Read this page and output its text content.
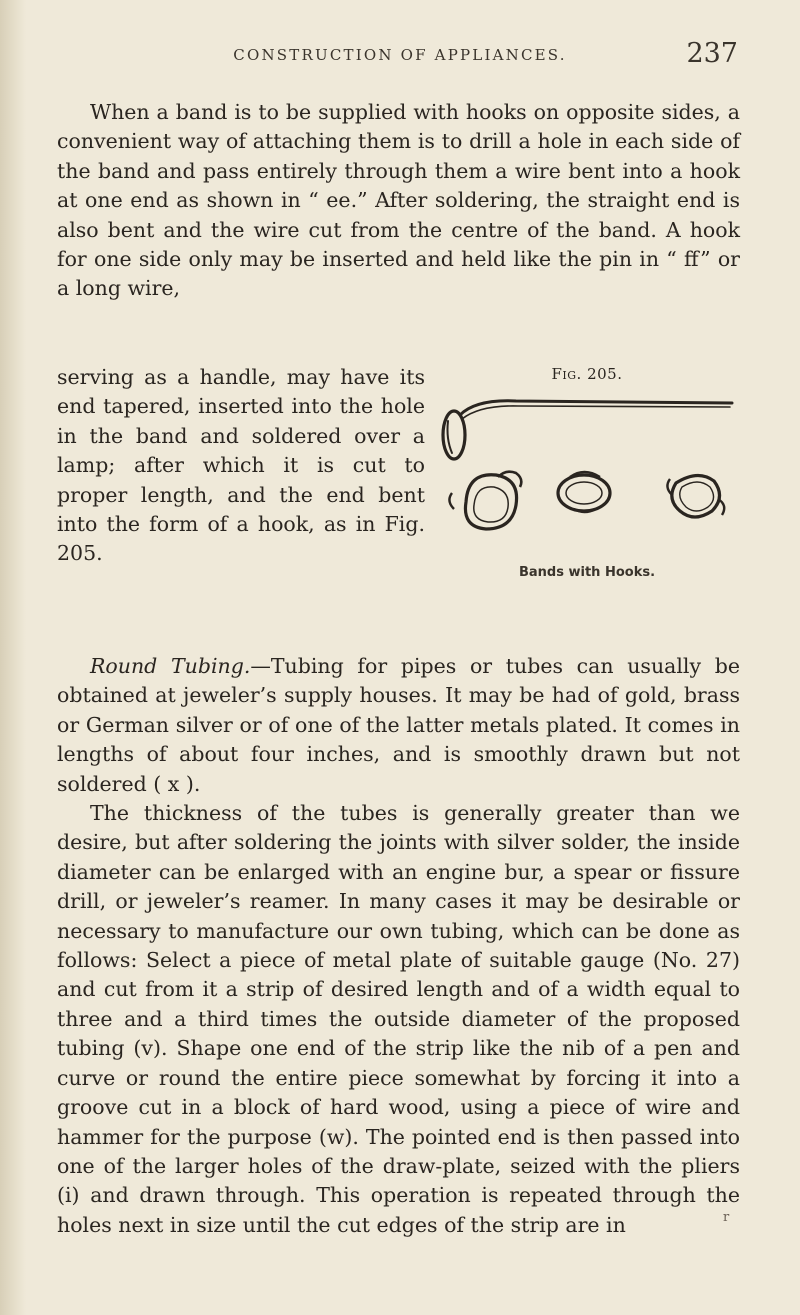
CONSTRUCTION OF APPLIANCES.	237

When a band is to be supplied with hooks on opposite sides, a convenient way of attaching them is to drill a hole in each side of the band and pass entirely through them a wire bent into a hook at one end as shown in “ ee.” After soldering, the straight end is also bent and the wire cut from the centre of the band. A hook for one side only may be inserted and held like the pin in “ ff” or a long wire,

serving as a handle, may have its end tapered, inserted into the hole in the band and soldered over a lamp; after which it is cut to proper length, and the end bent into the form of a hook, as in Fig. 205.

Fig. 205.
Bands with Hooks.

Round Tubing.—Tubing for pipes or tubes can usually be obtained at jeweler’s supply houses. It may be had of gold, brass or German silver or of one of the latter metals plated. It comes in lengths of about four inches, and is smoothly drawn but not soldered ( x ).

The thickness of the tubes is generally greater than we desire, but after soldering the joints with silver solder, the inside diameter can be enlarged with an engine bur, a spear or fissure drill, or jeweler’s reamer. In many cases it may be desirable or necessary to manufacture our own tubing, which can be done as follows: Select a piece of metal plate of suitable gauge (No. 27) and cut from it a strip of desired length and of a width equal to three and a third times the outside diameter of the proposed tubing (v). Shape one end of the strip like the nib of a pen and curve or round the entire piece somewhat by forcing it into a groove cut in a block of hard wood, using a piece of wire and hammer for the purpose (w). The pointed end is then passed into one of the larger holes of the draw-plate, seized with the pliers (i) and drawn through. This operation is repeated through the holes next in size until the cut edges of the strip are in	r
